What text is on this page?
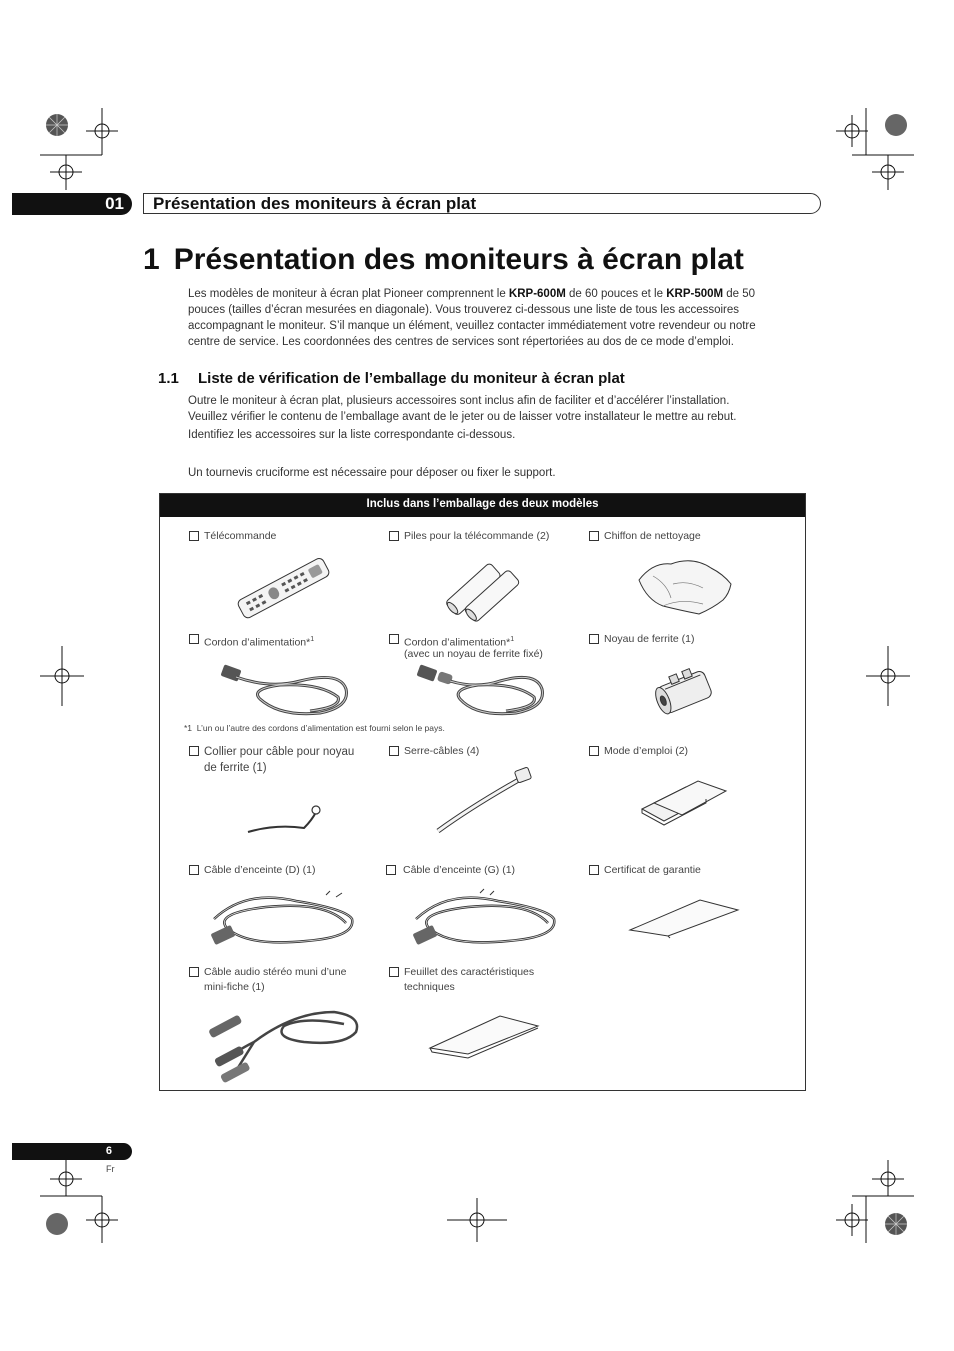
01	Présentation des moniteurs à écran plat
1 Présentation des moniteurs à écran plat
Les modèles de moniteur à écran plat Pioneer comprennent le KRP-600M de 60 pouces et le KRP-500M de 50
pouces (tailles d’écran mesurées en diagonale). Vous trouverez ci-dessous une liste de tous les accessoires
accompagnant le moniteur. S’il manque un élément, veuillez contacter immédiatement votre revendeur ou notre
centre de service. Les coordonnées des centres de services sont répertoriées au dos de ce mode d’emploi.
1.1 Liste de vérification de l’emballage du moniteur à écran plat
Outre le moniteur à écran plat, plusieurs accessoires sont inclus afin de faciliter et d’accélérer l’installation.
Veuillez vérifier le contenu de l’emballage avant de le jeter ou de laisser votre installateur le mettre au rebut.
Identifiez les accessoires sur la liste correspondante ci-dessous.
Un tournevis cruciforme est nécessaire pour déposer ou fixer le support.
Inclus dans l’emballage des deux modèles
Télécommande	Piles pour la télécommande (2)	Chiffon de nettoyage
Cordon d’alimentation*$^1$	Cordon d’alimentation*$^1$
(avec un noyau de ferrite fixé)
Noyau de ferrite (1)
*1 L’un ou l’autre des cordons d’alimentation est fourni selon le pays.
Collier pour câble pour noyau
de ferrite (1)
Serre-câbles (4)	Mode d’emploi (2)
Câble d’enceinte (D) (1)	Câble d’enceinte (G) (1)	Certificat de garantie
Câble audio stéréo muni d’une
mini-fiche (1)
Feuillet des caractéristiques
techniques
6
Fr
